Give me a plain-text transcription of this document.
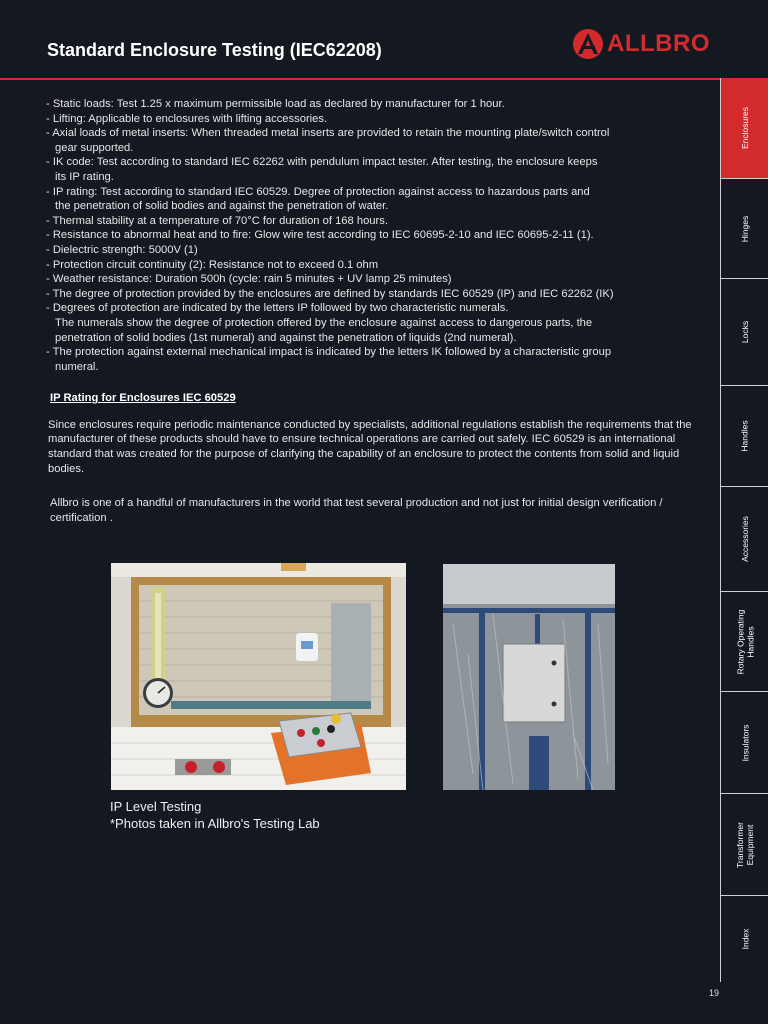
Standard Enclosure Testing (IEC62208)	ALLBRO
- Static loads: Test 1.25 x maximum permissible load as declared by manufacturer for 1 hour.
- Lifting: Applicable to enclosures with lifting accessories.
- Axial loads of metal inserts: When threaded metal inserts are provided to retain the mounting plate/switch control
gear supported.
- IK code: Test according to standard IEC 62262 with pendulum impact tester. After testing, the enclosure keeps
its IP rating.
- IP rating: Test according to standard IEC 60529. Degree of protection against access to hazardous parts and
the penetration of solid bodies and against the penetration of water.
- Thermal stability at a temperature of 70°C for duration of 168 hours.
- Resistance to abnormal heat and to fire: Glow wire test according to IEC 60695-2-10 and IEC 60695-2-11 (1).
- Dielectric strength: 5000V (1)
- Protection circuit continuity (2): Resistance not to exceed 0.1 ohm
- Weather resistance: Duration 500h (cycle: rain 5 minutes + UV lamp 25 minutes)
- The degree of protection provided by the enclosures are defined by standards IEC 60529 (IP) and IEC 62262 (IK)
- Degrees of protection are indicated by the letters IP followed by two characteristic numerals.
The numerals show the degree of protection offered by the enclosure against access to dangerous parts, the
penetration of solid bodies (1st numeral) and against the penetration of liquids (2nd numeral).
- The protection against external mechanical impact is indicated by the letters IK followed by a characteristic group
numeral.
IP Rating for Enclosures IEC 60529

Since enclosures require periodic maintenance conducted by specialists, additional regulations establish the requirements that the manufacturer of these products should have to ensure technical operations are carried out safely. IEC 60529 is an international standard that was created for the purpose of clarifying the capability of an enclosure to protect the contents from solid and liquid bodies.

Allbro is one of a handful of manufacturers in the world that test several production and not just for initial design verification / certification .

IP Level Testing
*Photos taken in Allbro's Testing Lab
Enclosures
Hinges
Locks
Handles
Accessories
Rotary Operating Handles
Insulators
Transformer Equipment
Index
19
